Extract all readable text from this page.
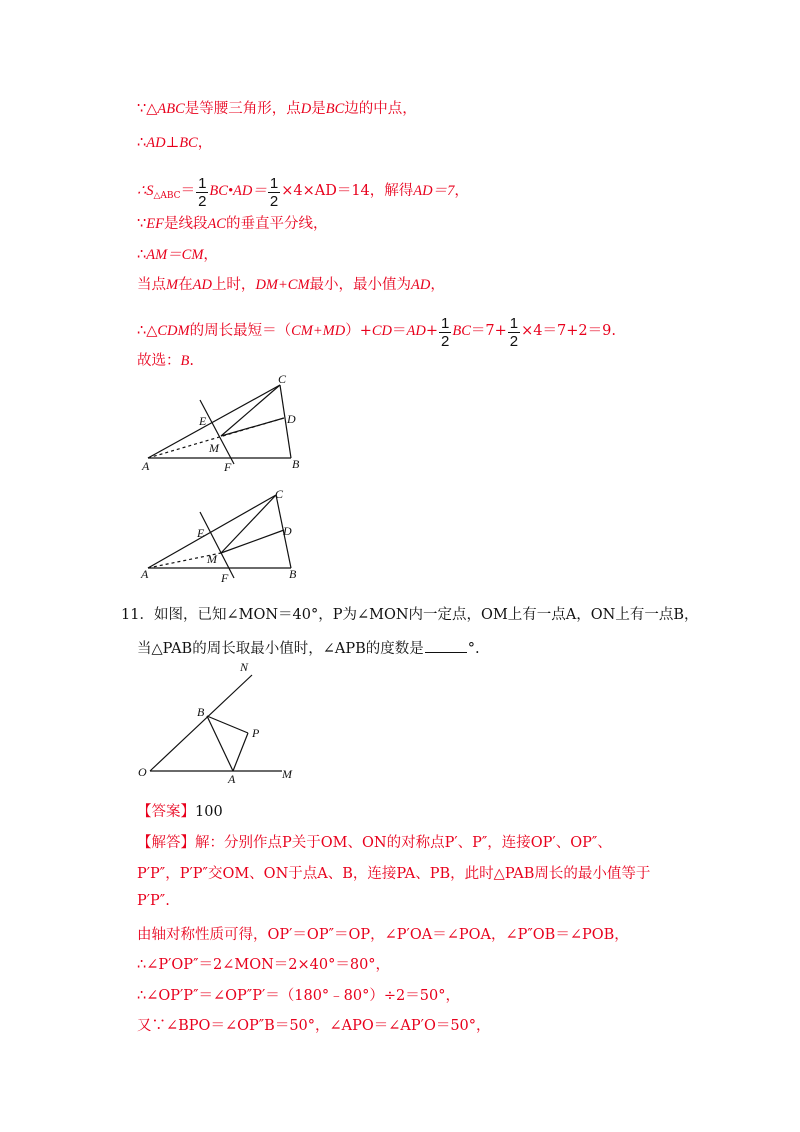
∵△ABC是等腰三角形，点D是BC边的中点，
∴AD⊥BC，
$\therefore S_{\triangle ABC}= \frac{1}{2}$ BC•AD＝ $\frac{1}{2} \times 4\times AD=14$，解得AD＝7，
∵EF是线段AC的垂直平分线，
∴AM＝CM，
当点M在AD上时，DM+CM最小，最小值为AD，
∴△CDM的周长最短$=(CM+MD)+CD=AD+ \frac{1}{2} BC=7+ \frac{1}{2} \times 4=7+2=9$.
故选：B.
C
D
E
M
A	F	B
C
D
E
M
A	F	B
11．如图，已知∠MON＝40°，P为∠MON内一定点，OM上有一点A，ON上有一点B，
当△PAB的周长取最小值时，∠APB的度数是	°.
N
B
P
O	A	M
【答案】100
【解答】解：分别作点P关于OM、ON的对称点P′、P″，连接OP′、OP″、
P′P″，P′P″交OM、ON于点A、B，连接PA、PB，此时△PAB周长的最小值等于
P′P″.
由轴对称性质可得，OP′＝OP″＝OP，∠P′OA＝∠POA，∠P″OB＝∠POB，
∴∠P′OP″＝2∠MON＝2×40°＝80°，
∴∠OP′P″＝∠OP″P′＝（180°﹣80°）÷2＝50°，
又∵∠BPO＝∠OP″B＝50°，∠APO＝∠AP′O＝50°，
